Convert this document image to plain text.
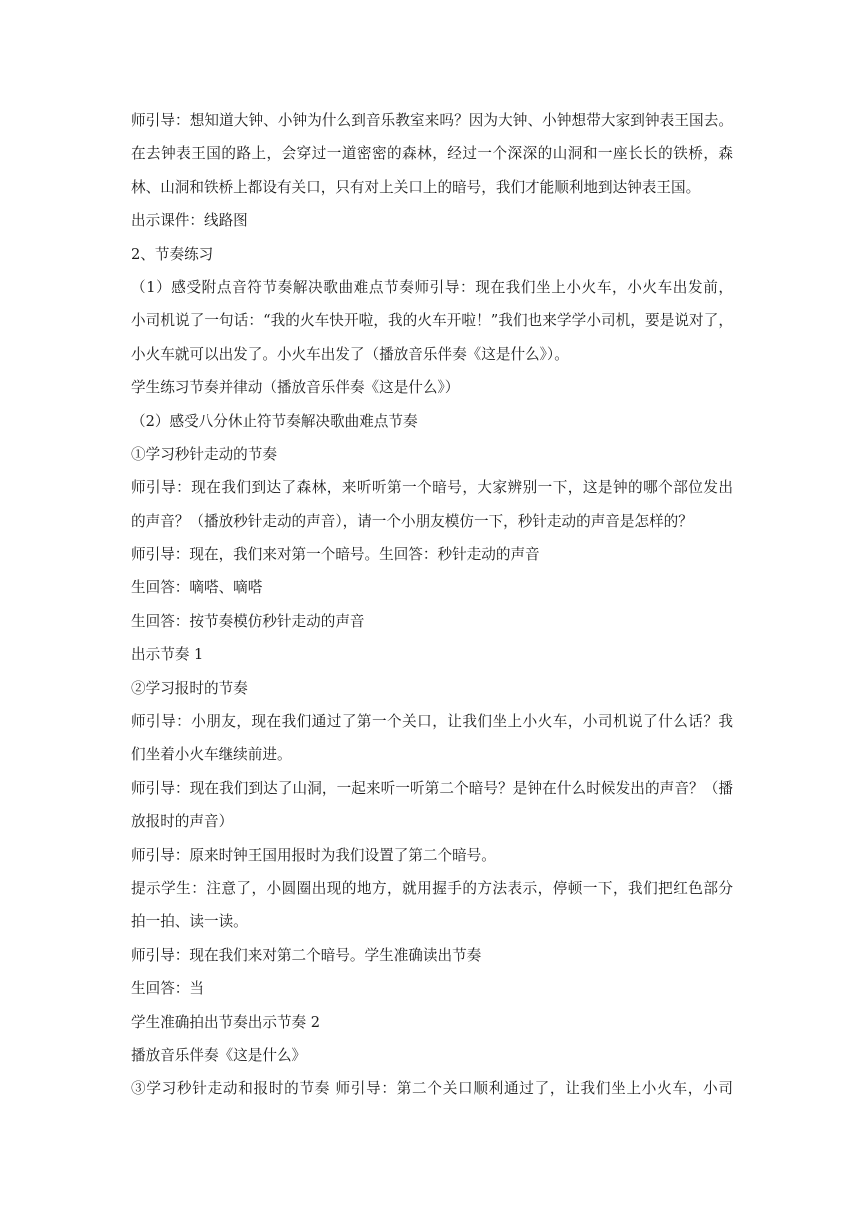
师引导：想知道大钟、小钟为什么到音乐教室来吗？因为大钟、小钟想带大家到钟表王国去。
在去钟表王国的路上，会穿过一道密密的森林，经过一个深深的山洞和一座长长的铁桥，森
林、山洞和铁桥上都设有关口，只有对上关口上的暗号，我们才能顺利地到达钟表王国。
出示课件：线路图
2、节奏练习
（1）感受附点音符节奏解决歌曲难点节奏师引导：现在我们坐上小火车，小火车出发前，
小司机说了一句话：“我的火车快开啦，我的火车开啦！”我们也来学学小司机，要是说对了，
小火车就可以出发了。小火车出发了（播放音乐伴奏《这是什么》）。
学生练习节奏并律动（播放音乐伴奏《这是什么》）
（2）感受八分休止符节奏解决歌曲难点节奏
①学习秒针走动的节奏
师引导：现在我们到达了森林，来听听第一个暗号，大家辨别一下，这是钟的哪个部位发出
的声音？（播放秒针走动的声音），请一个小朋友模仿一下，秒针走动的声音是怎样的？
师引导：现在，我们来对第一个暗号。生回答：秒针走动的声音
生回答：嘀嗒、嘀嗒
生回答：按节奏模仿秒针走动的声音
出示节奏 1
②学习报时的节奏
师引导：小朋友，现在我们通过了第一个关口，让我们坐上小火车，小司机说了什么话？我
们坐着小火车继续前进。
师引导：现在我们到达了山洞，一起来听一听第二个暗号？是钟在什么时候发出的声音？（播
放报时的声音）
师引导：原来时钟王国用报时为我们设置了第二个暗号。
提示学生：注意了，小圆圈出现的地方，就用握手的方法表示，停顿一下，我们把红色部分
拍一拍、读一读。
师引导：现在我们来对第二个暗号。学生准确读出节奏
生回答：当
学生准确拍出节奏出示节奏 2
播放音乐伴奏《这是什么》
③学习秒针走动和报时的节奏 师引导：第二个关口顺利通过了，让我们坐上小火车，小司
